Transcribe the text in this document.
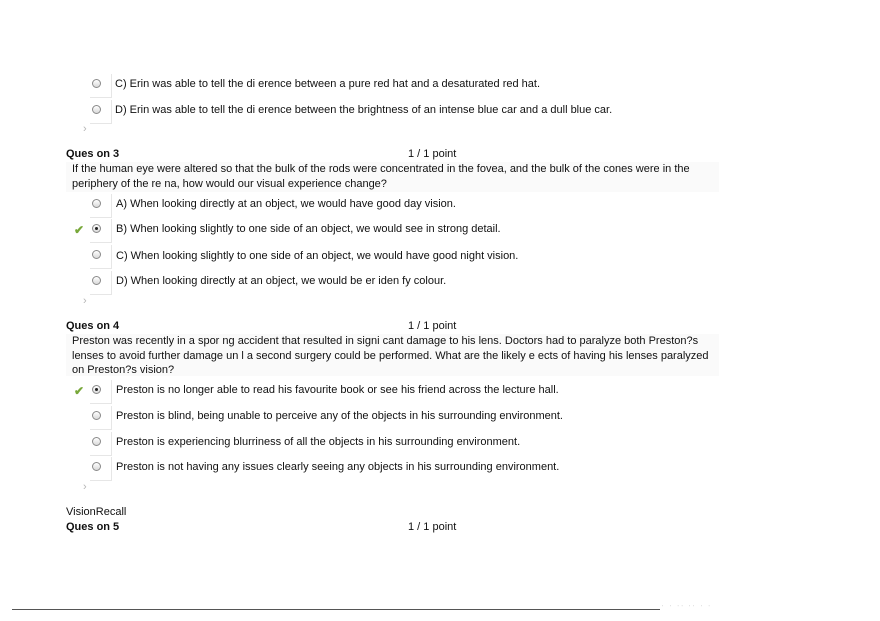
C) Erin was able to tell the di erence between a pure red hat and a desaturated red hat.
D) Erin was able to tell the di erence between the brightness of an intense blue car and a dull blue car.
›
Ques on 3	1 / 1 point
If the human eye were altered so that the bulk of the rods were concentrated in the fovea, and the bulk of the cones were in the
periphery of the re na, how would our visual experience change?
A) When looking directly at an object, we would have good day vision.
✔	B) When looking slightly to one side of an object, we would see in strong detail.
C) When looking slightly to one side of an object, we would have good night vision.
D) When looking directly at an object, we would be er iden fy colour.
›
Ques on 4	1 / 1 point
Preston was recently in a spor ng accident that resulted in signi cant damage to his lens. Doctors had to paralyze both Preston?s
lenses to avoid further damage un l a second surgery could be performed. What are the likely e ects of having his lenses paralyzed
on Preston?s vision?
✔	Preston is no longer able to read his favourite book or see his friend across the lecture hall.
Preston is blind, being unable to perceive any of the objects in his surrounding environment.
Preston is experiencing blurriness of all the objects in his surrounding environment.
Preston is not having any issues clearly seeing any objects in his surrounding environment.
›
VisionRecall
Ques on 5	1 / 1 point
˙ ˙ ˙˙ ˙˙ ˙ ˙
